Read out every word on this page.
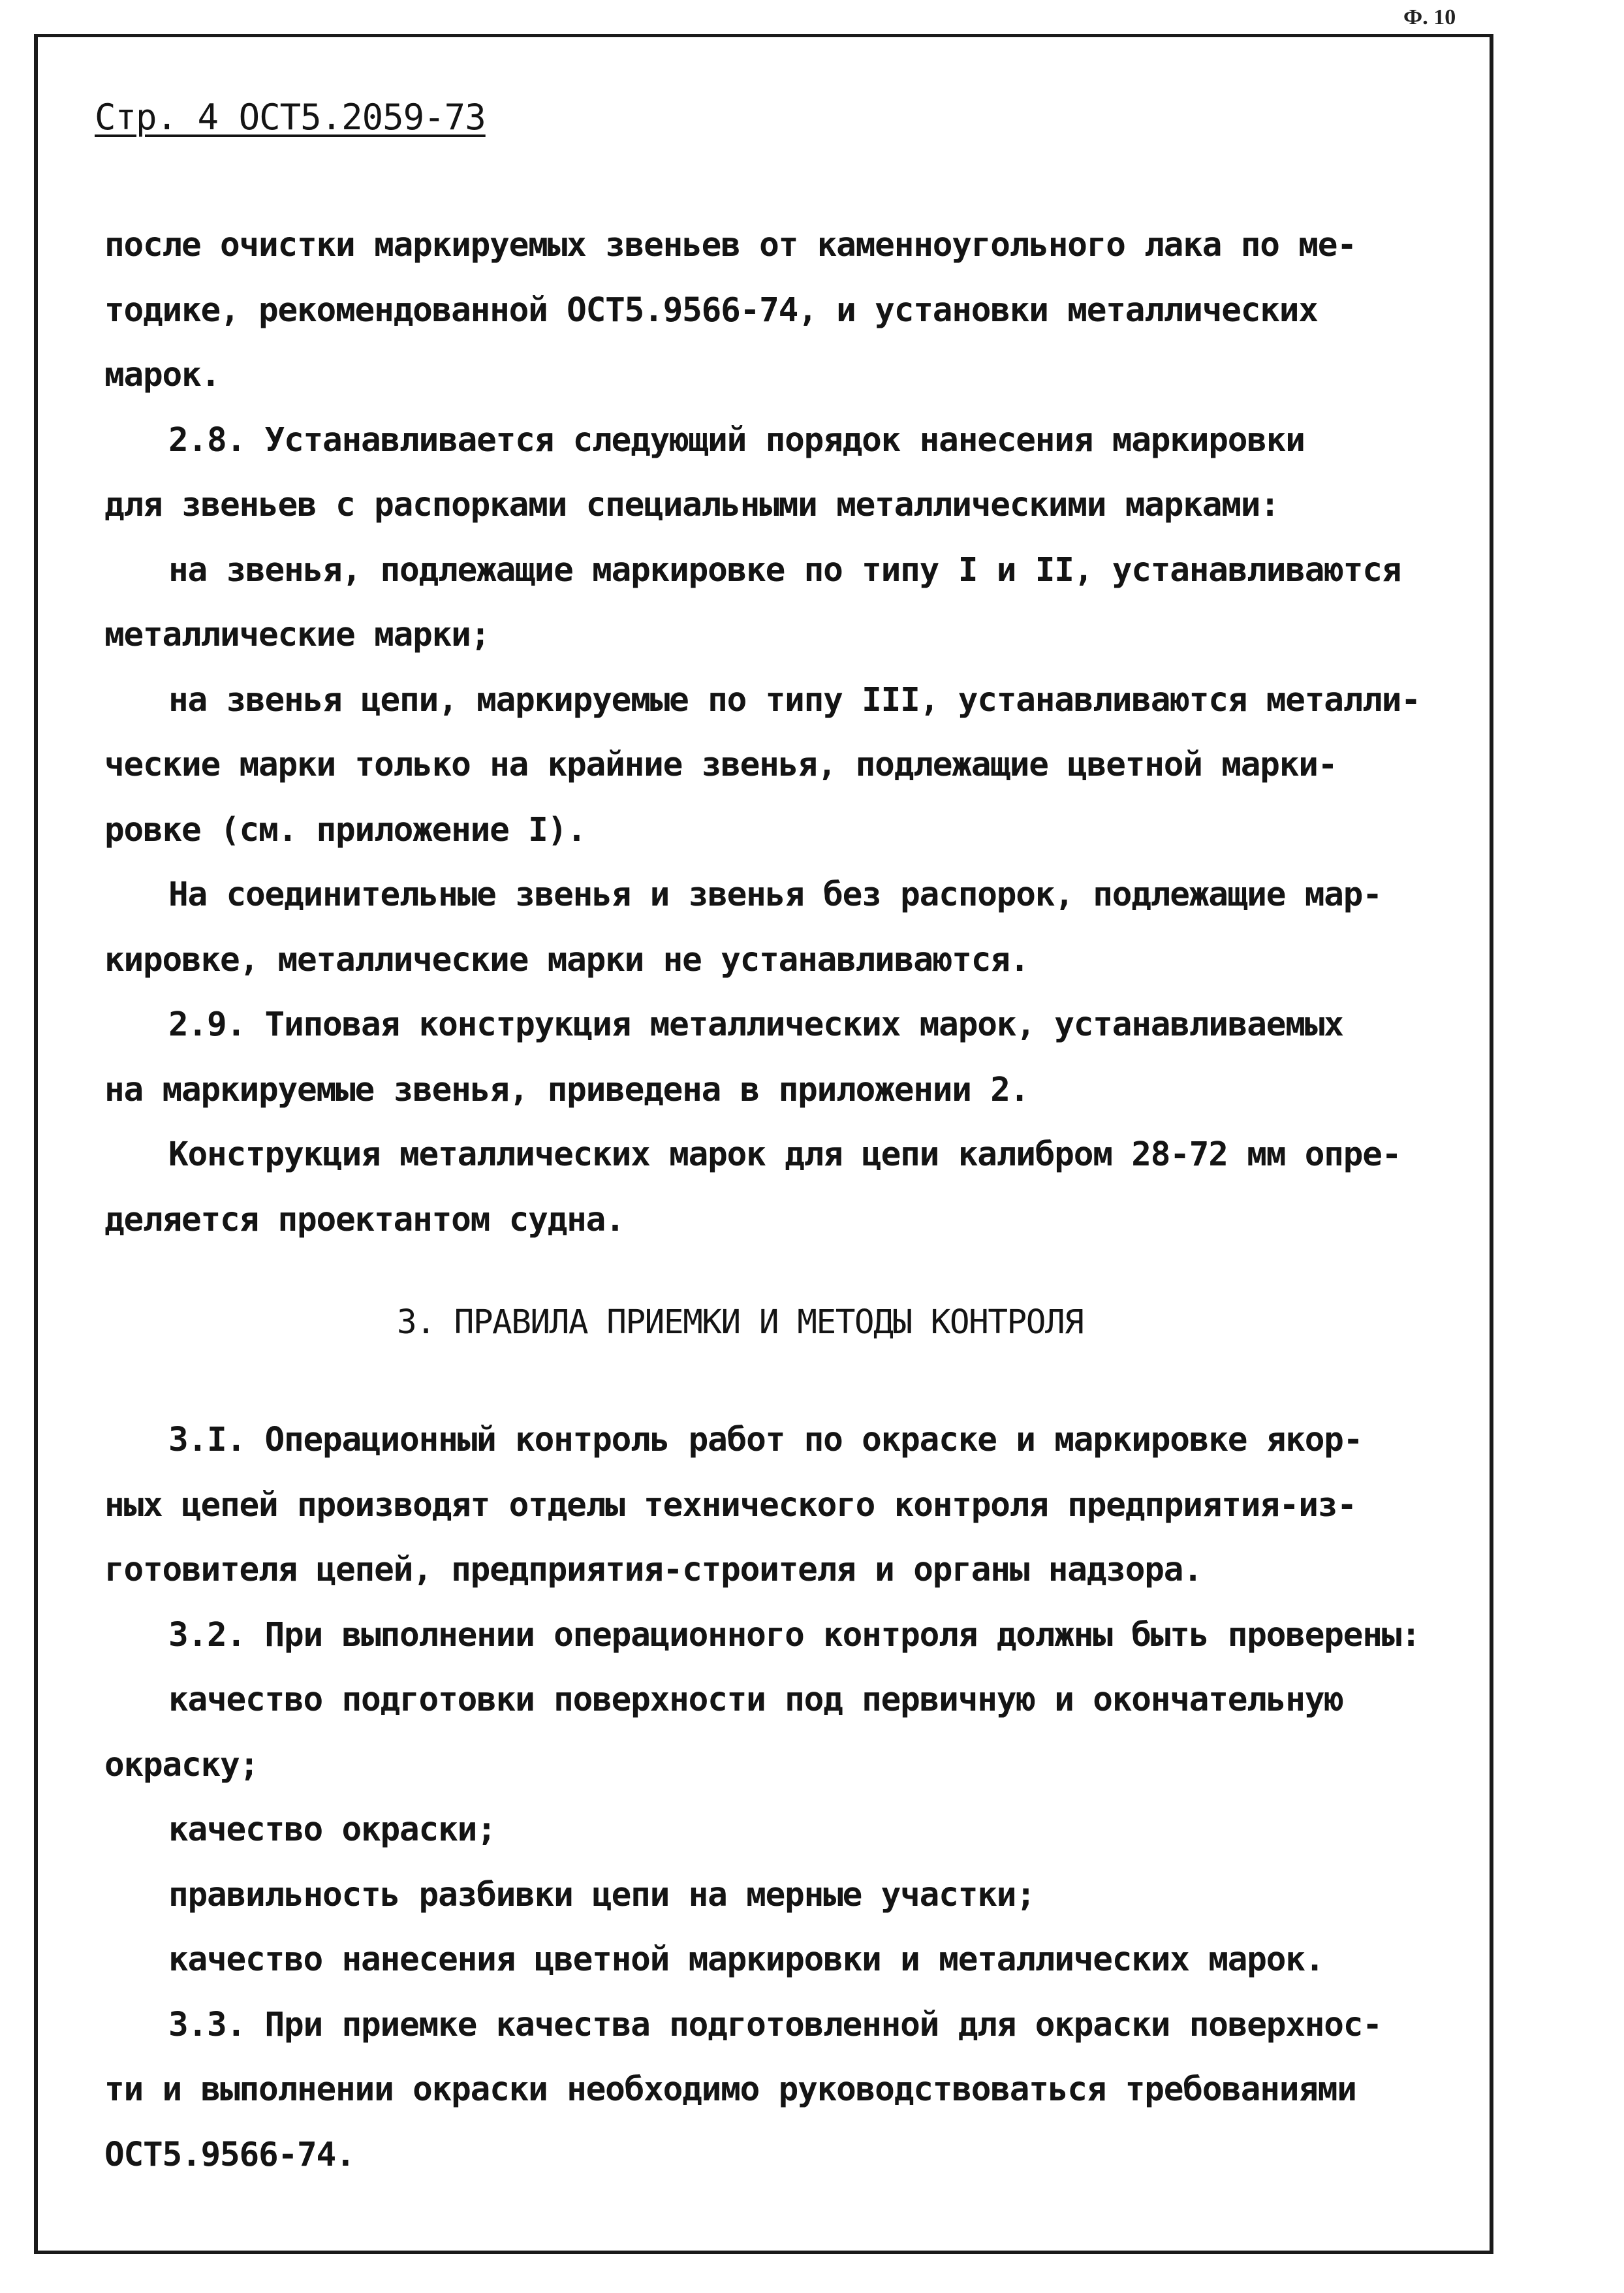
Ф. 10
Стр. 4 ОСТ5.2059-73
после очистки маркируемых звеньев от каменноугольного лака по ме-
тодике, рекомендованной ОСТ5.9566-74, и установки металлических
марок.
2.8. Устанавливается следующий порядок нанесения маркировки
для звеньев с распорками специальными металлическими марками:
на звенья, подлежащие маркировке по типу I и II, устанавливаются
металлические марки;
на звенья цепи, маркируемые по типу III, устанавливаются металли-
ческие марки только на крайние звенья, подлежащие цветной марки-
ровке (см. приложение I).
На соединительные звенья и звенья без распорок, подлежащие мар-
кировке, металлические марки не устанавливаются.
2.9. Типовая конструкция металлических марок, устанавливаемых
на маркируемые звенья, приведена в приложении 2.
Конструкция металлических марок для цепи калибром 28-72 мм опре-
деляется проектантом судна.
3. ПРАВИЛА ПРИЕМКИ И МЕТОДЫ КОНТРОЛЯ
3.I. Операционный контроль работ по окраске и маркировке якор-
ных цепей производят отделы технического контроля предприятия-из-
готовителя цепей, предприятия-строителя и органы надзора.
3.2. При выполнении операционного контроля должны быть проверены:
качество подготовки поверхности под первичную и окончательную
окраску;
качество окраски;
правильность разбивки цепи на мерные участки;
качество нанесения цветной маркировки и металлических марок.
3.3. При приемке качества подготовленной для окраски поверхнос-
ти и выполнении окраски необходимо руководствоваться требованиями
ОСТ5.9566-74.
